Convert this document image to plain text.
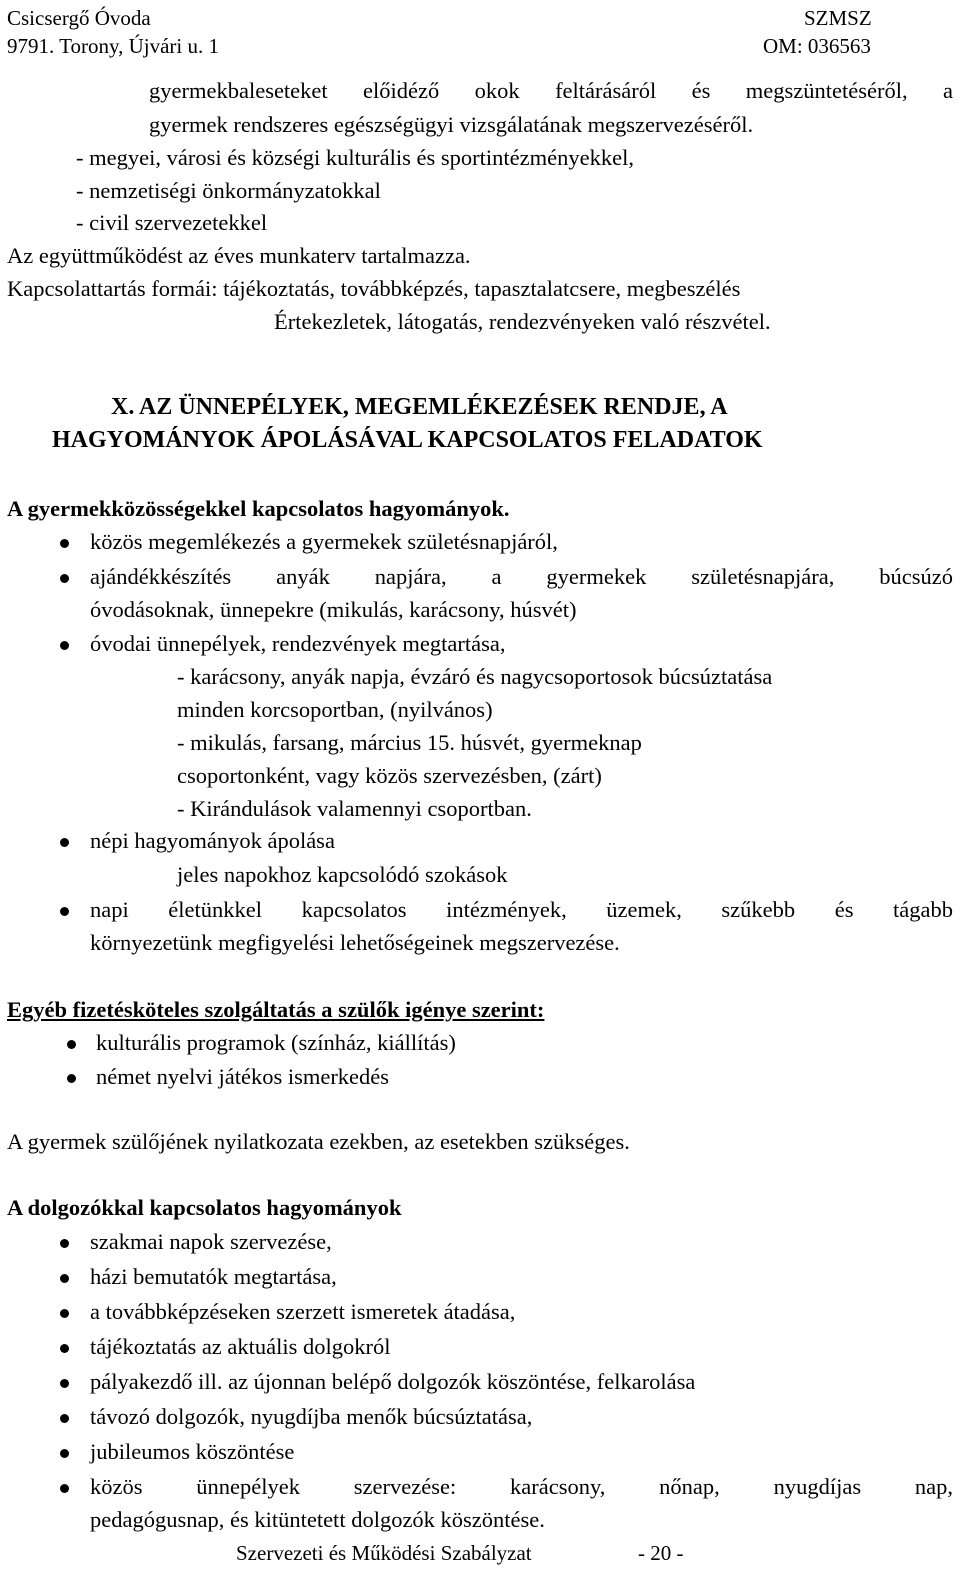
Csicsergő Óvoda
9791. Torony, Újvári u. 1
SZMSZ
OM: 036563
gyermekbaleseteket előidéző okok feltárásáról és megszüntetéséről, a
gyermek rendszeres egészségügyi vizsgálatának megszervezéséről.
- megyei, városi és községi kulturális és sportintézményekkel,
- nemzetiségi önkormányzatokkal
- civil szervezetekkel
Az együttműködést az éves munkaterv tartalmazza.
Kapcsolattartás formái: tájékoztatás, továbbképzés, tapasztalatcsere, megbeszélés
Értekezletek, látogatás, rendezvényeken való részvétel.
X. AZ ÜNNEPÉLYEK, MEGEMLÉKEZÉSEK RENDJE, A
HAGYOMÁNYOK ÁPOLÁSÁVAL KAPCSOLATOS FELADATOK
A gyermekközösségekkel kapcsolatos hagyományok.
közös megemlékezés a gyermekek születésnapjáról,
ajándékkészítés anyák napjára, a gyermekek születésnapjára, búcsúzó
óvodásoknak, ünnepekre (mikulás, karácsony, húsvét)
óvodai ünnepélyek, rendezvények megtartása,
- karácsony, anyák napja, évzáró és nagycsoportosok búcsúztatása
minden korcsoportban, (nyilvános)
- mikulás, farsang, március 15. húsvét, gyermeknap
csoportonként, vagy közös szervezésben, (zárt)
- Kirándulások valamennyi csoportban.
népi hagyományok ápolása
jeles napokhoz kapcsolódó szokások
napi életünkkel kapcsolatos intézmények, üzemek, szűkebb és tágabb
környezetünk megfigyelési lehetőségeinek megszervezése.
Egyéb fizetésköteles szolgáltatás a szülők igénye szerint:
kulturális programok (színház, kiállítás)
német nyelvi játékos ismerkedés
A gyermek szülőjének nyilatkozata ezekben, az esetekben szükséges.
A dolgozókkal kapcsolatos hagyományok
szakmai napok szervezése,
házi bemutatók megtartása,
a továbbképzéseken szerzett ismeretek átadása,
tájékoztatás az aktuális dolgokról
pályakezdő ill. az újonnan belépő dolgozók köszöntése, felkarolása
távozó dolgozók, nyugdíjba menők búcsúztatása,
jubileumos köszöntése
közös ünnepélyek szervezése: karácsony, nőnap, nyugdíjas nap,
pedagógusnap, és kitüntetett dolgozók köszöntése.
Szervezeti és Működési Szabályzat	- 20 -
